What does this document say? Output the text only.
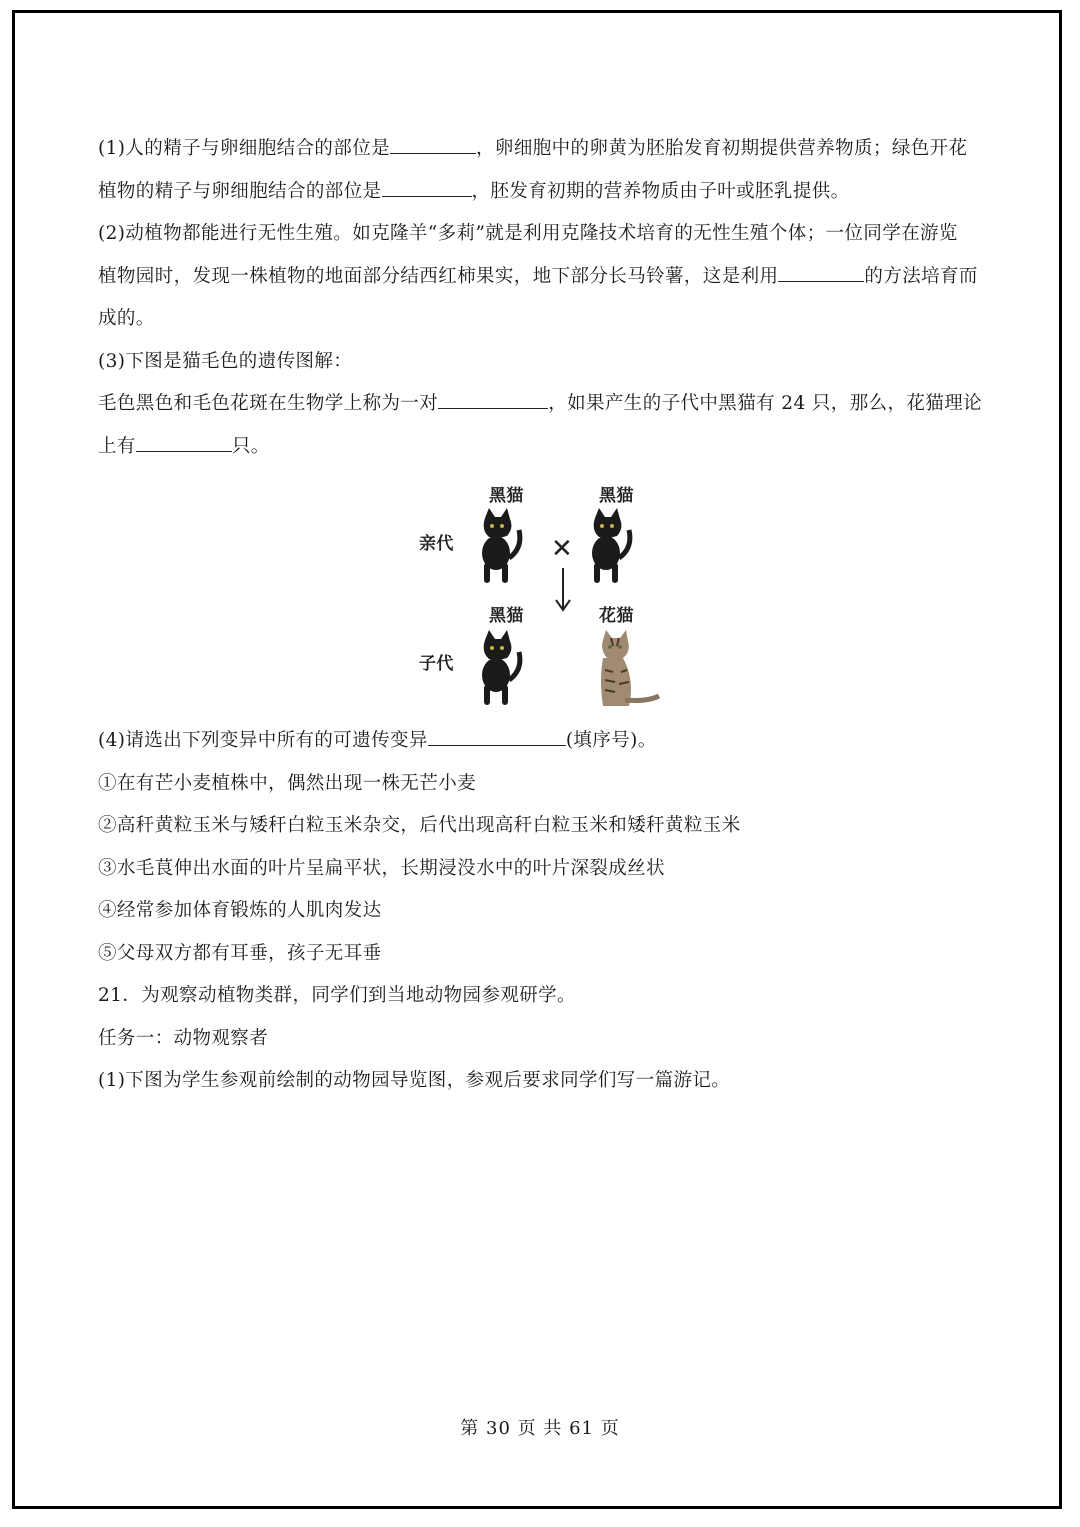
(1)人的精子与卵细胞结合的部位是	，卵细胞中的卵黄为胚胎发育初期提供营养物质；绿色开花

植物的精子与卵细胞结合的部位是	，胚发育初期的营养物质由子叶或胚乳提供。

(2)动植物都能进行无性生殖。如克隆羊“多莉”就是利用克隆技术培育的无性生殖个体；一位同学在游览

植物园时，发现一株植物的地面部分结西红柿果实，地下部分长马铃薯，这是利用	的方法培育而

成的。

(3)下图是猫毛色的遗传图解：

毛色黑色和毛色花斑在生物学上称为一对	，如果产生的子代中黑猫有 24 只，那么，花猫理论

上有	只。

黑猫	黑猫
亲代	✕
黑猫	花猫
子代

(4)请选出下列变异中所有的可遗传变异	(填序号)。

①在有芒小麦植株中，偶然出现一株无芒小麦

②高秆黄粒玉米与矮秆白粒玉米杂交，后代出现高秆白粒玉米和矮秆黄粒玉米

③水毛茛伸出水面的叶片呈扁平状，长期浸没水中的叶片深裂成丝状

④经常参加体育锻炼的人肌肉发达

⑤父母双方都有耳垂，孩子无耳垂

21．为观察动植物类群，同学们到当地动物园参观研学。

任务一：动物观察者

(1)下图为学生参观前绘制的动物园导览图，参观后要求同学们写一篇游记。

第 30 页 共 61 页
